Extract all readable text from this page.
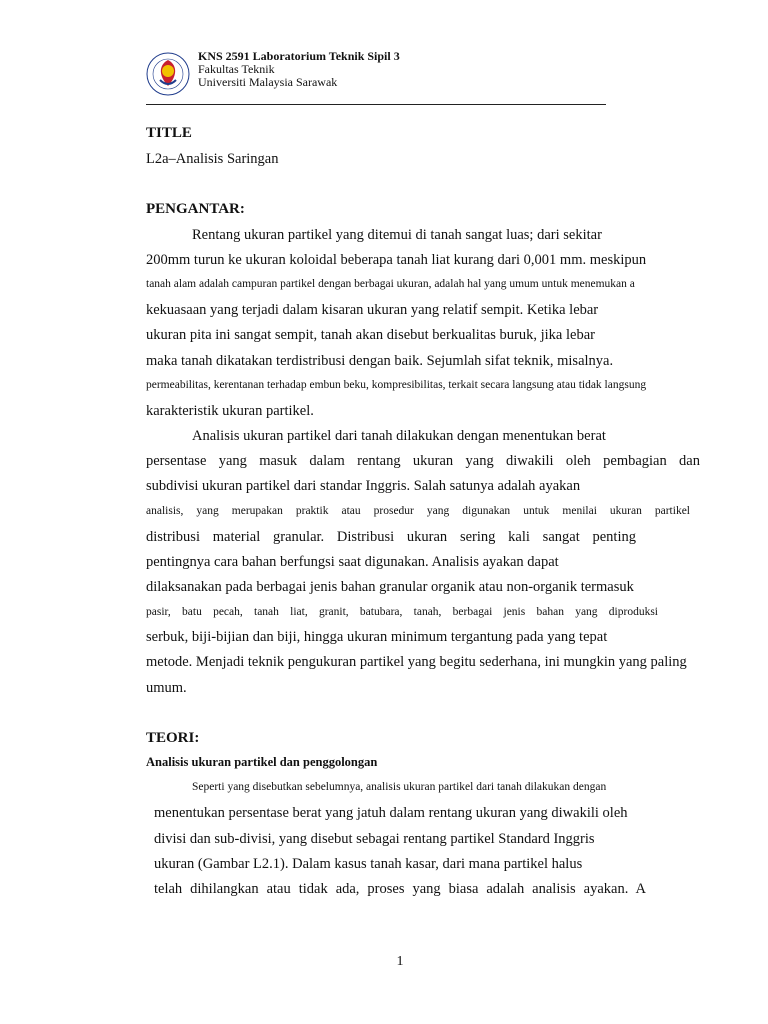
KNS 2591 Laboratorium Teknik Sipil 3
Fakultas Teknik
Universiti Malaysia Sarawak
TITLE
L2a–Analisis Saringan
PENGANTAR:
Rentang ukuran partikel yang ditemui di tanah sangat luas; dari sekitar
200mm turun ke ukuran koloidal beberapa tanah liat kurang dari 0,001 mm. meskipun
tanah alam adalah campuran partikel dengan berbagai ukuran, adalah hal yang umum untuk menemukan a
kekuasaan yang terjadi dalam kisaran ukuran yang relatif sempit. Ketika lebar
ukuran pita ini sangat sempit, tanah akan disebut berkualitas buruk, jika lebar
maka tanah dikatakan terdistribusi dengan baik. Sejumlah sifat teknik, misalnya.
permeabilitas, kerentanan terhadap embun beku, kompresibilitas, terkait secara langsung atau tidak langsung
karakteristik ukuran partikel.
Analisis ukuran partikel dari tanah dilakukan dengan menentukan berat
persentase yang masuk dalam rentang ukuran yang diwakili oleh pembagian dan
subdivisi ukuran partikel dari standar Inggris. Salah satunya adalah ayakan
analisis, yang merupakan praktik atau prosedur yang digunakan untuk menilai ukuran partikel
distribusi material granular. Distribusi ukuran sering kali sangat penting
pentingnya cara bahan berfungsi saat digunakan. Analisis ayakan dapat
dilaksanakan pada berbagai jenis bahan granular organik atau non-organik termasuk
pasir, batu pecah, tanah liat, granit, batubara, tanah, berbagai jenis bahan yang diproduksi
serbuk, biji-bijian dan biji, hingga ukuran minimum tergantung pada yang tepat
metode. Menjadi teknik pengukuran partikel yang begitu sederhana, ini mungkin yang paling
umum.
TEORI:
Analisis ukuran partikel dan penggolongan
Seperti yang disebutkan sebelumnya, analisis ukuran partikel dari tanah dilakukan dengan
menentukan persentase berat yang jatuh dalam rentang ukuran yang diwakili oleh
divisi dan sub-divisi, yang disebut sebagai rentang partikel Standard Inggris
ukuran (Gambar L2.1). Dalam kasus tanah kasar, dari mana partikel halus
telah dihilangkan atau tidak ada, proses yang biasa adalah analisis ayakan. A
1
